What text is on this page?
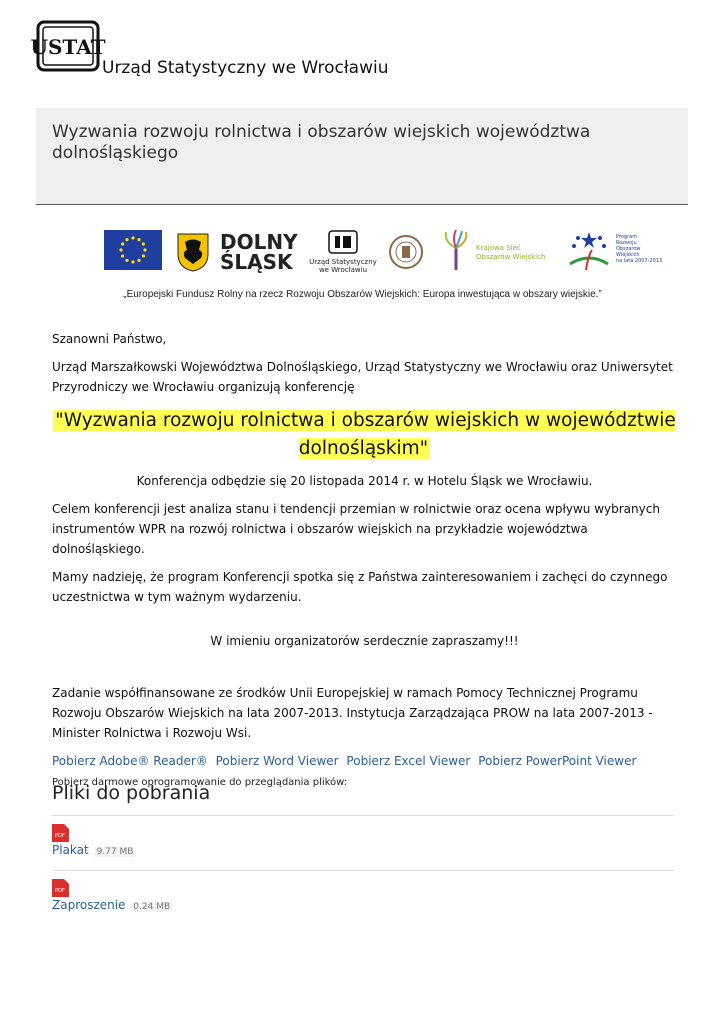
USTAT
Urząd Statystyczny we Wrocławiu
Wyzwania rozwoju rolnictwa i obszarów wiejskich województwa dolnośląskiego
DOLNY
ŚLĄSK	Urząd Statystyczny
we Wrocławiu
Krajowa Sieć
Obszarów Wiejskich
Program
Rozwoju
Obszarów
Wiejskich
na lata 2007-2013
„Europejski Fundusz Rolny na rzecz Rozwoju Obszarów Wiejskich: Europa inwestująca w obszary wiejskie.”

Szanowni Państwo,

Urząd Marszałkowski Województwa Dolnośląskiego, Urząd Statystyczny we Wrocławiu oraz Uniwersytet Przyrodniczy we Wrocławiu organizują konferencję

"Wyzwania rozwoju rolnictwa i obszarów wiejskich w województwie dolnośląskim"

Konferencja odbędzie się 20 listopada 2014 r. w Hotelu Śląsk we Wrocławiu.

Celem konferencji jest analiza stanu i tendencji przemian w rolnictwie oraz ocena wpływu wybranych instrumentów WPR na rozwój rolnictwa i obszarów wiejskich na przykładzie województwa dolnośląskiego.

Mamy nadzieję, że program Konferencji spotka się z Państwa zainteresowaniem i zachęci do czynnego uczestnictwa w tym ważnym wydarzeniu.

W imieniu organizatorów serdecznie zapraszamy!!!

Zadanie współfinansowane ze środków Unii Europejskiej w ramach Pomocy Technicznej Programu Rozwoju Obszarów Wiejskich na lata 2007-2013. Instytucja Zarządzająca PROW na lata 2007-2013 - Minister Rolnictwa i Rozwoju Wsi.

Pobierz Adobe® Reader® Pobierz Word Viewer Pobierz Excel Viewer Pobierz PowerPoint Viewer Pobierz darmowe oprogramowanie do przeglądania plików:
Pliki do pobrania
PDF
Plakat 9.77 MB
PDF
Zaproszenie 0.24 MB
